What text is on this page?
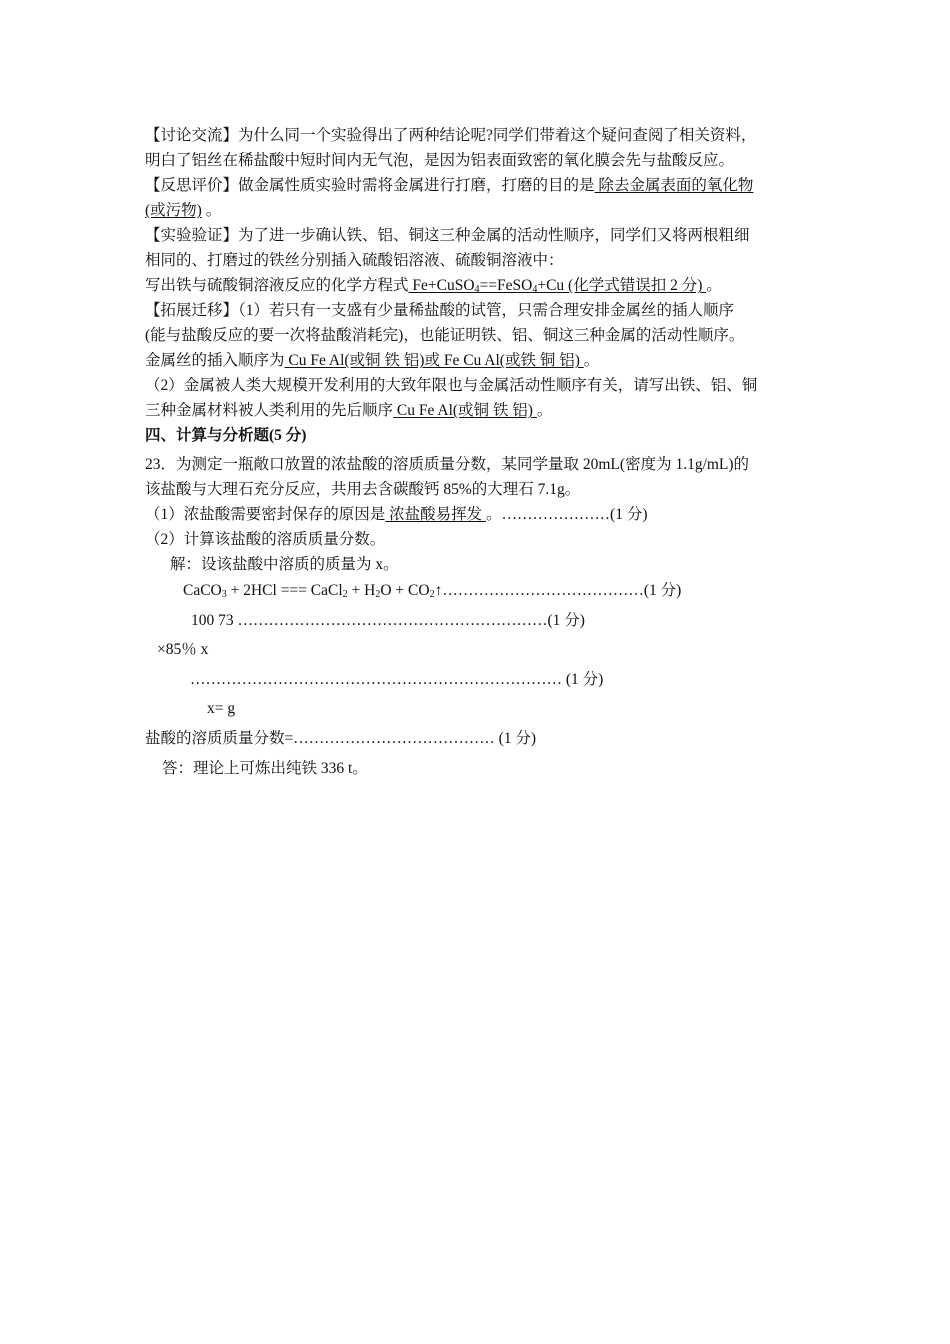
【讨论交流】为什么同一个实验得出了两种结论呢?同学们带着这个疑问查阅了相关资料，
明白了铝丝在稀盐酸中短时间内无气泡，是因为铝表面致密的氧化膜会先与盐酸反应。
【反思评价】做金属性质实验时需将金属进行打磨，打磨的目的是 除去金属表面的氧化物
(或污物) 。
【实验验证】为了进一步确认铁、铝、铜这三种金属的活动性顺序，同学们又将两根粗细
相同的、打磨过的铁丝分别插入硫酸铝溶液、硫酸铜溶液中：
写出铁与硫酸铜溶液反应的化学方程式 Fe+CuSO$_4$==FeSO$_4$+Cu (化学式错误扣 2 分) 。
【拓展迁移】（1）若只有一支盛有少量稀盐酸的试管，只需合理安排金属丝的插人顺序
(能与盐酸反应的要一次将盐酸消耗完)，也能证明铁、铝、铜这三种金属的活动性顺序。
金属丝的插入顺序为 Cu Fe Al(或铜 铁 铝)或 Fe Cu Al(或铁 铜 铝) 。
（2）金属被人类大规模开发利用的大致年限也与金属活动性顺序有关，请写出铁、铝、铜
三种金属材料被人类利用的先后顺序 Cu Fe Al(或铜 铁 铝) 。
四、计算与分析题(5 分)
23．为测定一瓶敞口放置的浓盐酸的溶质质量分数，某同学量取 20mL(密度为 1.1g/mL)的
该盐酸与大理石充分反应，共用去含碳酸钙 85%的大理石 7.1g。
（1）浓盐酸需要密封保存的原因是 浓盐酸易挥发 。…………………(1 分)
（2）计算该盐酸的溶质质量分数。
解：设该盐酸中溶质的质量为 x。
CaCO$_3$ + 2HCl === CaCl$_2$ + $H_2O$ + $CO_2↑\dots\dots\dots\dots\dots\dots\dots\dots\dots\dots\dots\dots\dots(1$ 分)
100 73 ……………………………………………………(1 分)
×85％ x
……………………………………………………………… (1 分)
x= g
盐酸的溶质质量分数=………………………………… (1 分)
答：理论上可炼出纯铁 336 t。
